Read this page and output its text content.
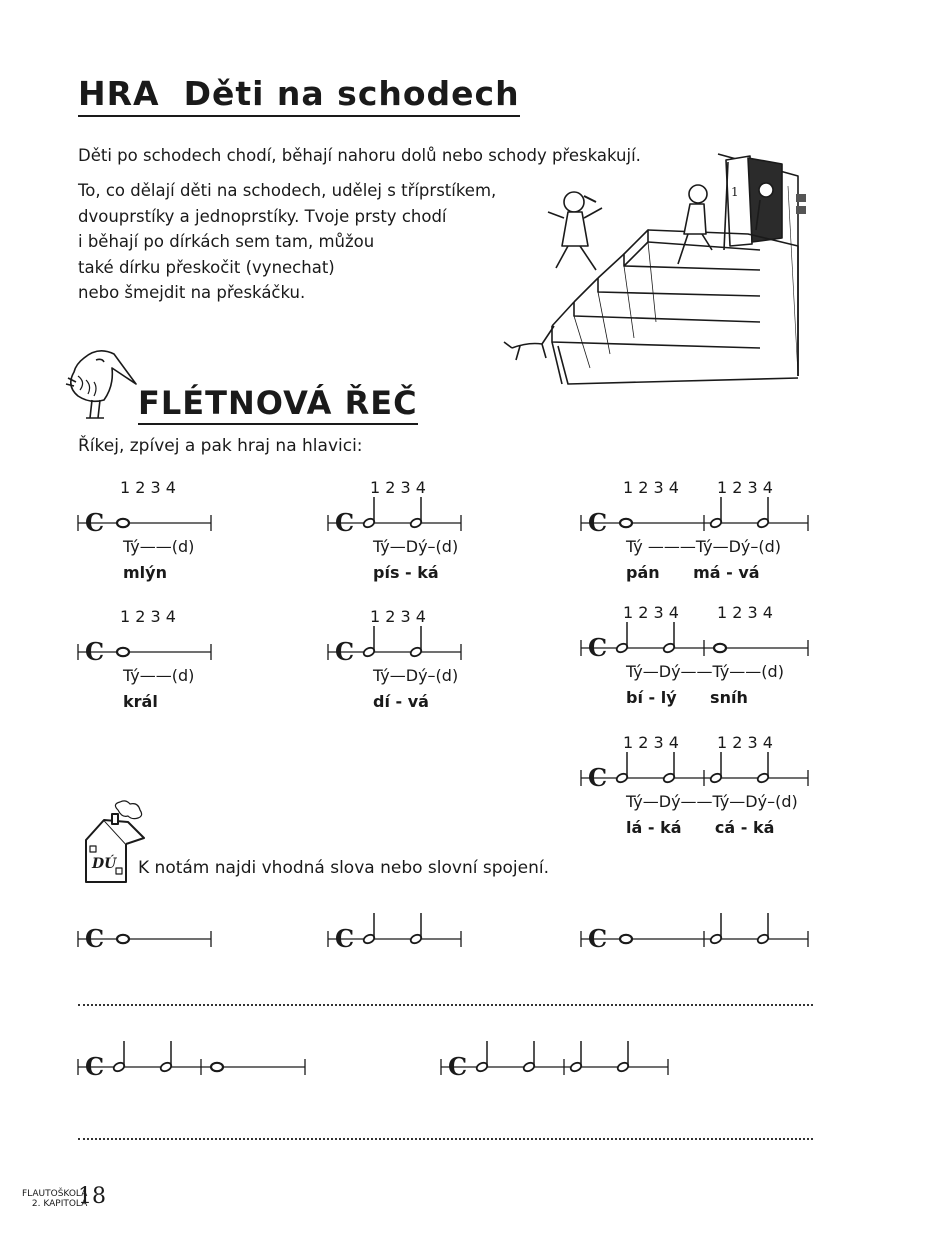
HRA Děti na schodech
Děti po schodech chodí, běhají nahoru dolů nebo schody přeskakují.
To, co dělají děti na schodech, udělej s tříprstíkem,
dvouprstíky a jednoprstíky. Tvoje prsty chodí
i běhají po dírkách sem tam, můžou
také dírku přeskočit (vynechat)
nebo šmejdit na přeskáčku.
1
FLÉTNOVÁ ŘEČ
Říkej, zpívej a pak hraj na hlavici:
C
1 2 3 4
Tý——(d)
mlýn
C
1 2 3 4
Tý—Dý–(d)
pís - ká
C
1 2 3 4 1 2 3 4
Tý ———Tý—Dý–(d)
pán      má - vá
C
1 2 3 4
Tý——(d)
král
C
1 2 3 4
Tý—Dý–(d)
dí - vá
C
1 2 3 4 1 2 3 4
Tý—Dý——Tý——(d)
bí - lý      sníh
C
1 2 3 4 1 2 3 4
Tý—Dý——Tý—Dý–(d)
lá - ká      cá - ká
DÚ K notám najdi vhodná slova nebo slovní spojení.
C	C	C
C	C
FLAUTOŠKOLA
2. KAPITOLA
18
